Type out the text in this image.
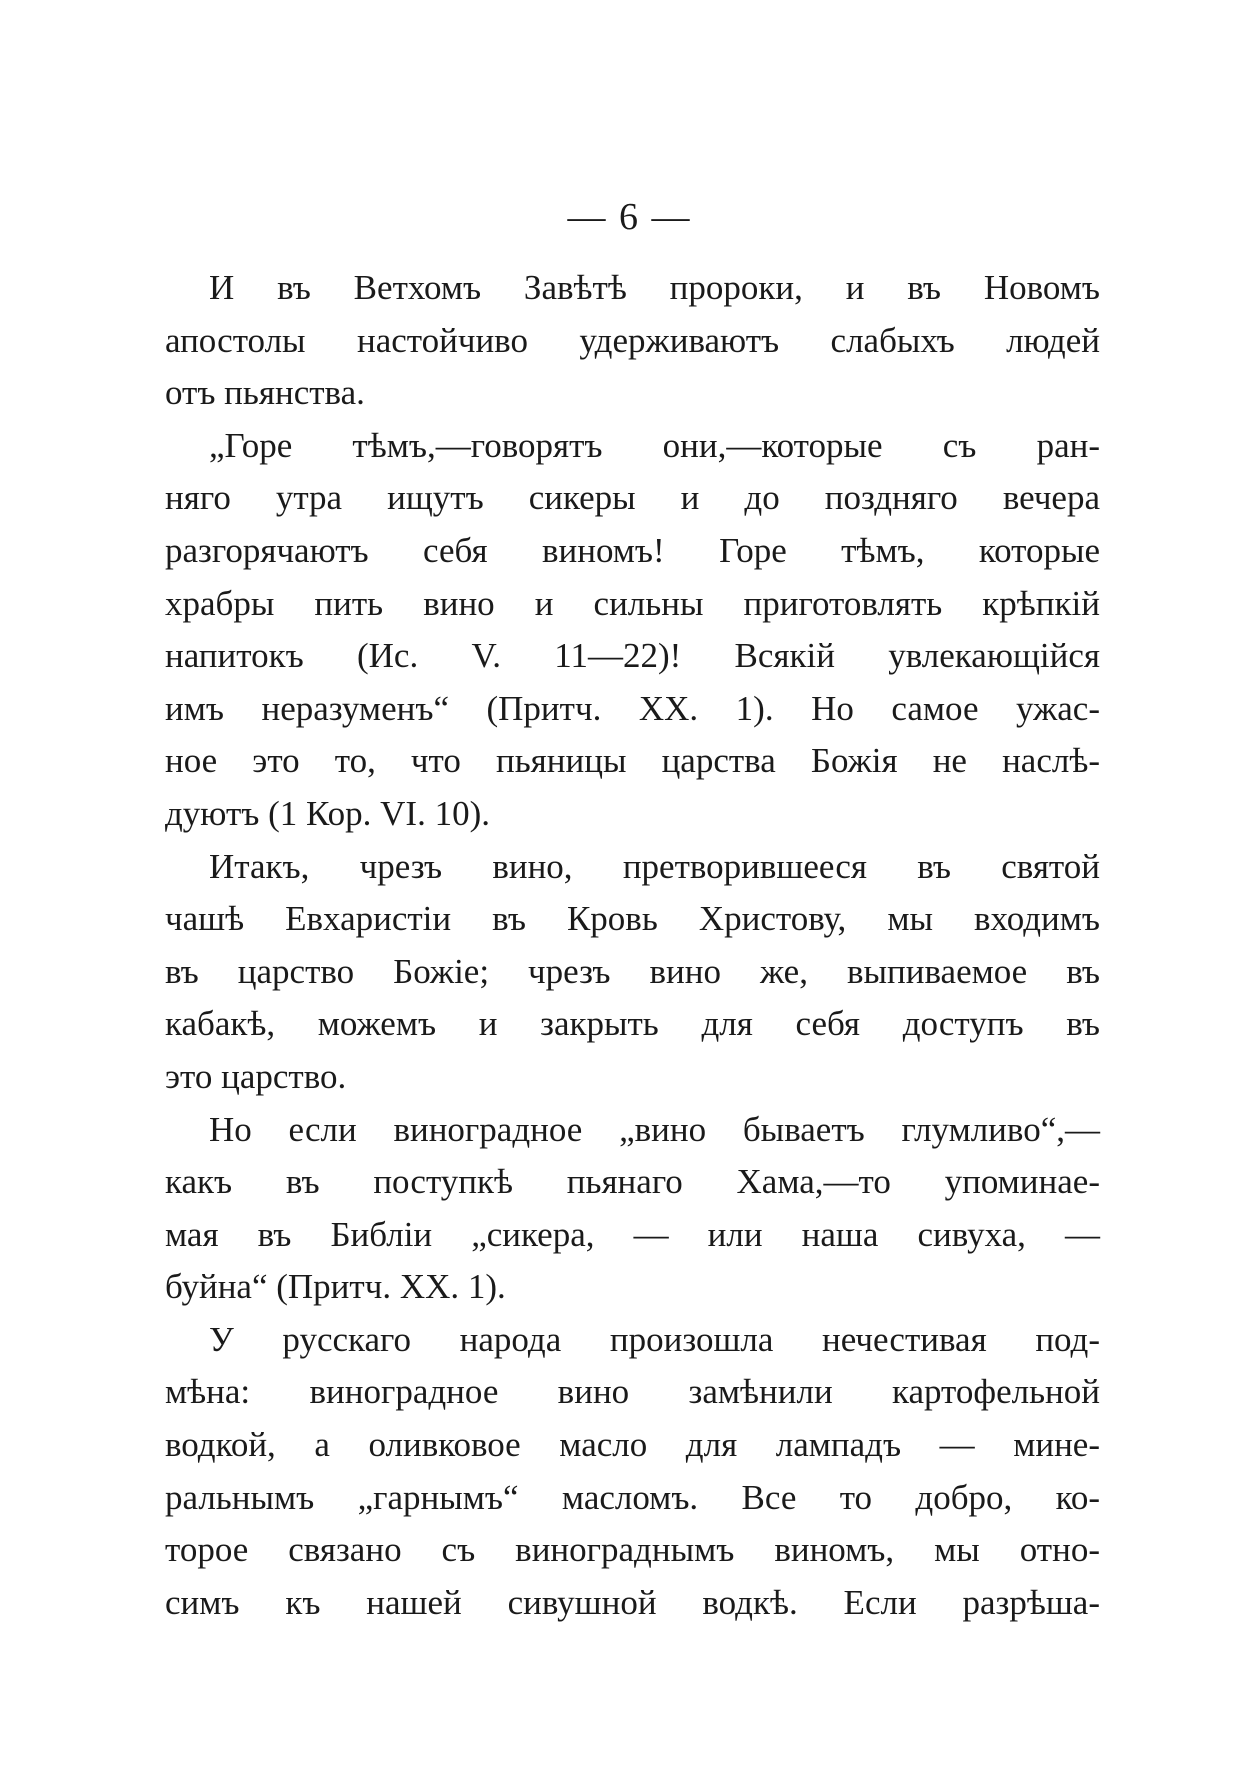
— 6 —
И въ Ветхомъ Завѣтѣ пророки, и въ Новомъ
апостолы настойчиво удерживаютъ слабыхъ людей
отъ пьянства.
„Горе тѣмъ,—говорятъ они,—которые съ ран-
няго утра ищутъ сикеры и до поздняго вечера
разгорячаютъ себя виномъ! Горе тѣмъ, которые
храбры пить вино и сильны приготовлять крѣпкій
напитокъ (Ис. V. 11—22)! Всякій увлекающійся
имъ неразуменъ“ (Притч. XX. 1). Но самое ужас-
ное это то, что пьяницы царства Божія не наслѣ-
дуютъ (1 Кор. VI. 10).
Итакъ, чрезъ вино, претворившееся въ святой
чашѣ Евхаристіи въ Кровь Христову, мы входимъ
въ царство Божіе; чрезъ вино же, выпиваемое въ
кабакѣ, можемъ и закрыть для себя доступъ въ
это царство.
Но если виноградное „вино бываетъ глумливо“,—
какъ въ поступкѣ пьянаго Хама,—то упоминае-
мая въ Библіи „сикера, — или наша сивуха, —
буйна“ (Притч. XX. 1).
У русскаго народа произошла нечестивая под-
мѣна: виноградное вино замѣнили картофельной
водкой, а оливковое масло для лампадъ — мине-
ральнымъ „гарнымъ“ масломъ. Все то добро, ко-
торое связано съ винограднымъ виномъ, мы отно-
симъ къ нашей сивушной водкѣ. Если разрѣша-
